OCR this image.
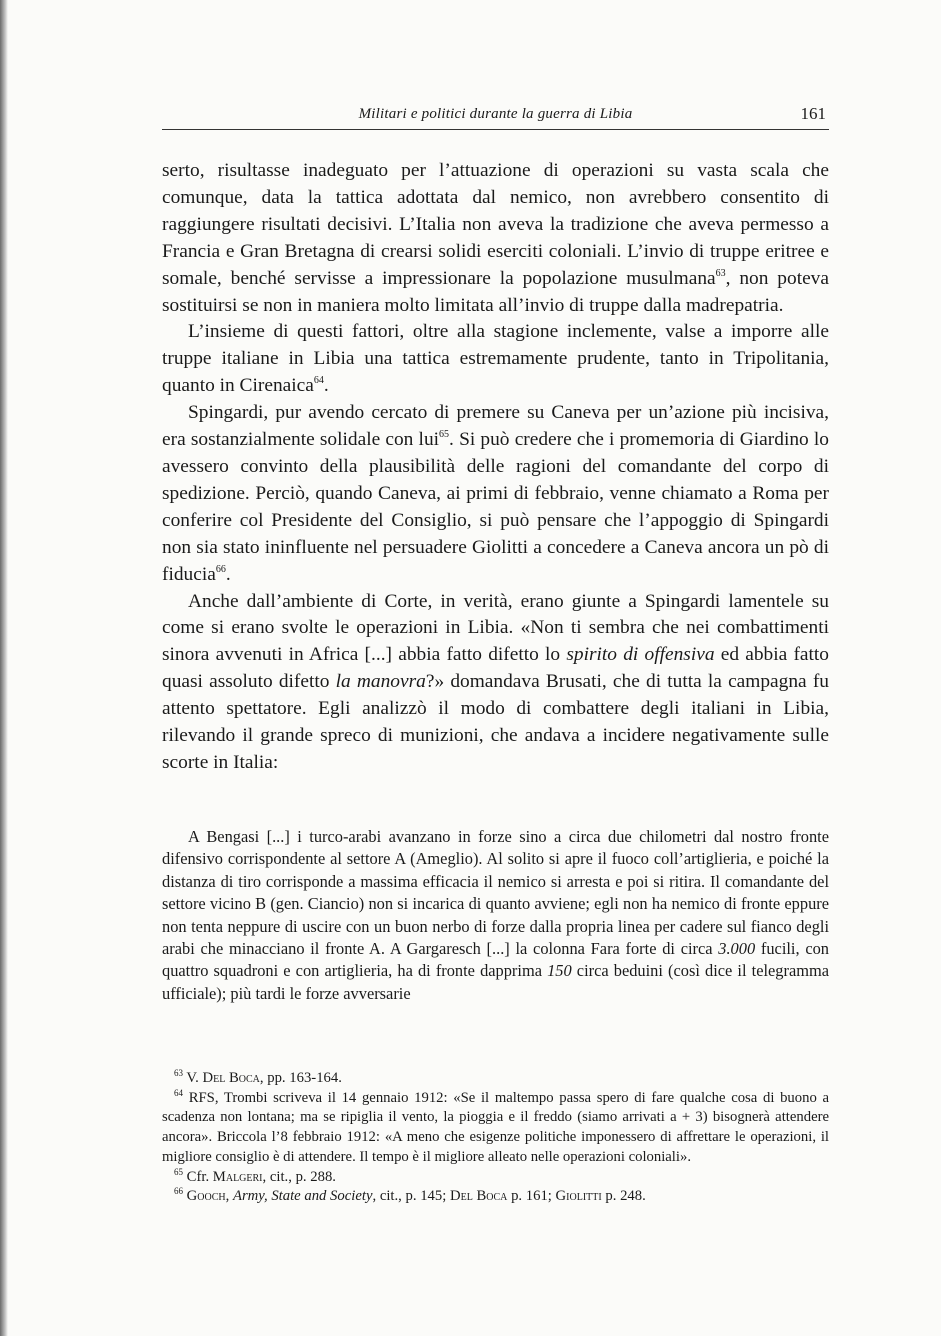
Militari e politici durante la guerra di Libia	161

serto, risultasse inadeguato per l’attuazione di operazioni su vasta scala che comunque, data la tattica adottata dal nemico, non avrebbero consentito di raggiungere risultati decisivi. L’Italia non aveva la tradizione che aveva permesso a Francia e Gran Bretagna di crearsi solidi eserciti coloniali. L’invio di truppe eritree e somale, benché servisse a impressionare la popolazione musulmana$^{63}$, non poteva sostituirsi se non in maniera molto limitata all’invio di truppe dalla madrepatria.

L’insieme di questi fattori, oltre alla stagione inclemente, valse a imporre alle truppe italiane in Libia una tattica estremamente prudente, tanto in Tripolitania, quanto in Cirenaica$^{64}$.

Spingardi, pur avendo cercato di premere su Caneva per un’azione più incisiva, era sostanzialmente solidale con lui$^{65}$. Si può credere che i promemoria di Giardino lo avessero convinto della plausibilità delle ragioni del comandante del corpo di spedizione. Perciò, quando Caneva, ai primi di febbraio, venne chiamato a Roma per conferire col Presidente del Consiglio, si può pensare che l’appoggio di Spingardi non sia stato ininfluente nel persuadere Giolitti a concedere a Caneva ancora un pò di fiducia$^{66}$.

Anche dall’ambiente di Corte, in verità, erano giunte a Spingardi lamentele su come si erano svolte le operazioni in Libia. «Non ti sembra che nei combattimenti sinora avvenuti in Africa [...] abbia fatto difetto lo spirito di offensiva ed abbia fatto quasi assoluto difetto la manovra?» domandava Brusati, che di tutta la campagna fu attento spettatore. Egli analizzò il modo di combattere degli italiani in Libia, rilevando il grande spreco di munizioni, che andava a incidere negativamente sulle scorte in Italia:

A Bengasi [...] i turco-arabi avanzano in forze sino a circa due chilometri dal nostro fronte difensivo corrispondente al settore A (Ameglio). Al solito si apre il fuoco coll’artiglieria, e poiché la distanza di tiro corrisponde a massima efficacia il nemico si arresta e poi si ritira. Il comandante del settore vicino B (gen. Ciancio) non si incarica di quanto avviene; egli non ha nemico di fronte eppure non tenta neppure di uscire con un buon nerbo di forze dalla propria linea per cadere sul fianco degli arabi che minacciano il fronte A. A Gargaresch [...] la colonna Fara forte di circa 3.000 fucili, con quattro squadroni e con artiglieria, ha di fronte dapprima 150 circa beduini (così dice il telegramma ufficiale); più tardi le forze avversarie

$^{63}$ V. Del Boca, pp. 163-164.

$^{64}$ RFS, Trombi scriveva il 14 gennaio 1912: «Se il maltempo passa spero di fare qualche cosa di buono a scadenza non lontana; ma se ripiglia il vento, la pioggia e il freddo (siamo arrivati a + 3) bisognerà attendere ancora». Briccola l’8 febbraio 1912: «A meno che esigenze politiche imponessero di affrettare le operazioni, il migliore consiglio è di attendere. Il tempo è il migliore alleato nelle operazioni coloniali».

$^{65}$ Cfr. Malgeri, cit., p. 288.

$^{66}$ Gooch, Army, State and Society, cit., p. 145; Del Boca p. 161; Giolitti p. 248.
